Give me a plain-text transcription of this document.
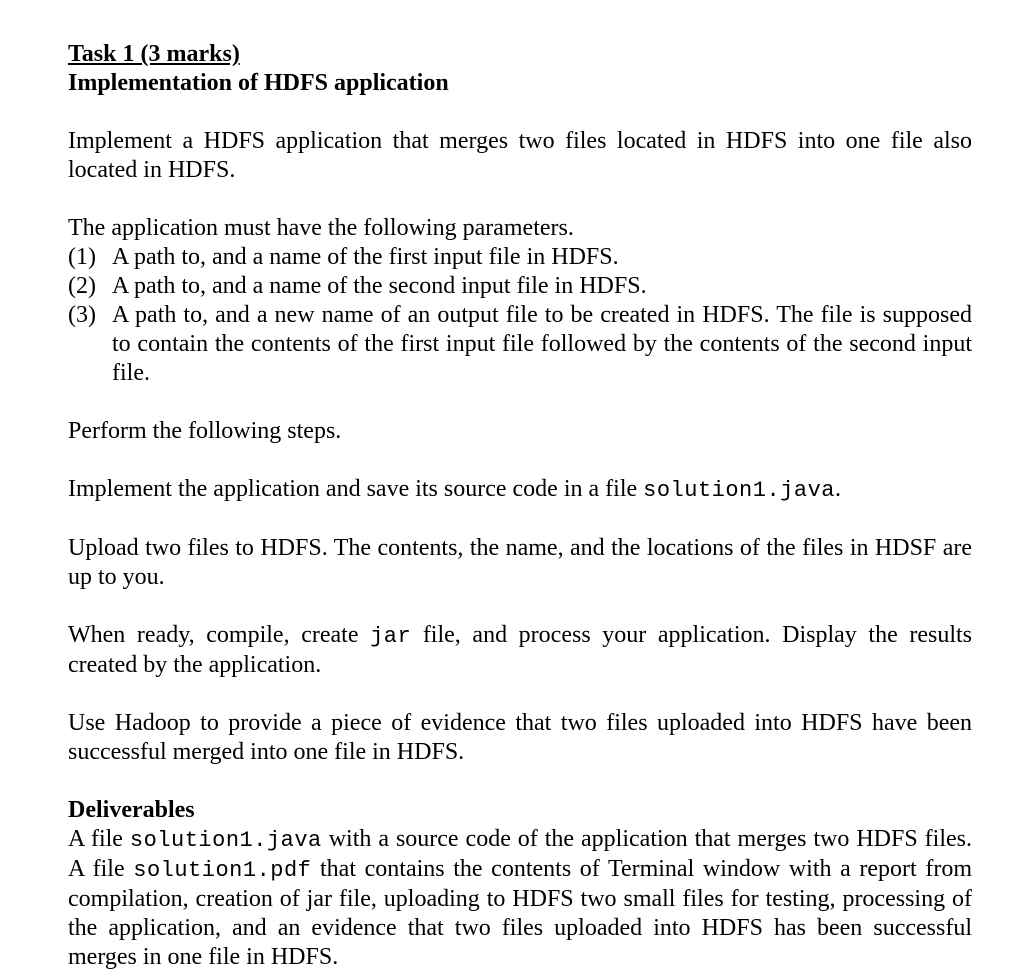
Task 1 (3 marks)
Implementation of HDFS application

Implement a HDFS application that merges two files located in HDFS into one file also located in HDFS.

The application must have the following parameters.

(1) A path to, and a name of the first input file in HDFS.
(2) A path to, and a name of the second input file in HDFS.
(3) A path to, and a new name of an output file to be created in HDFS. The file is supposed to contain the contents of the first input file followed by the contents of the second input file.

Perform the following steps.

Implement the application and save its source code in a file solution1.java.

Upload two files to HDFS. The contents, the name, and the locations of the files in HDSF are up to you.

When ready, compile, create jar file, and process your application. Display the results created by the application.

Use Hadoop to provide a piece of evidence that two files uploaded into HDFS have been successful merged into one file in HDFS.

Deliverables

A file solution1.java with a source code of the application that merges two HDFS files. A file solution1.pdf that contains the contents of Terminal window with a report from compilation, creation of jar file, uploading to HDFS two small files for testing, processing of the application, and an evidence that two files uploaded into HDFS has been successful merges in one file in HDFS.
